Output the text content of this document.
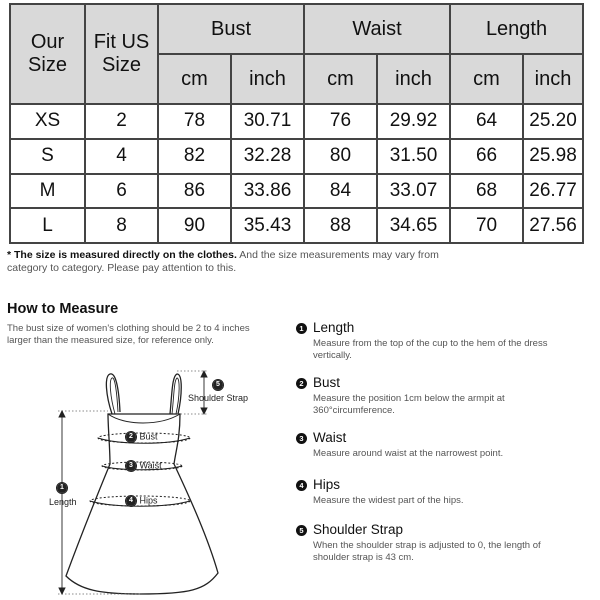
Our Size	Fit US Size	Bust		Waist		Length	
		cm	inch	cm	inch	cm	inch
XS	2	78	30.71	76	29.92	64	25.20
S	4	82	32.28	80	31.50	66	25.98
M	6	86	33.86	84	33.07	68	26.77
L	8	90	35.43	88	34.65	70	27.56
* The size is measured directly on the clothes. And the size measurements may vary from category to category. Please pay attention to this.
How to Measure
The bust size of women's clothing should be 2 to 4 inches larger than the measured size, for reference only.
5
Shoulder Strap
2 Bust
3 Waist
4 Hips
1
Length
1 Length
Measure from the top of the cup to the hem of the dress vertically.
2 Bust
Measure the position 1cm below the armpit at 360°circumference.
3 Waist
Measure around waist at the narrowest point.
4 Hips
Measure the widest part of the hips.
5 Shoulder Strap
When the shoulder strap is adjusted to 0, the length of shoulder strap is 43 cm.
